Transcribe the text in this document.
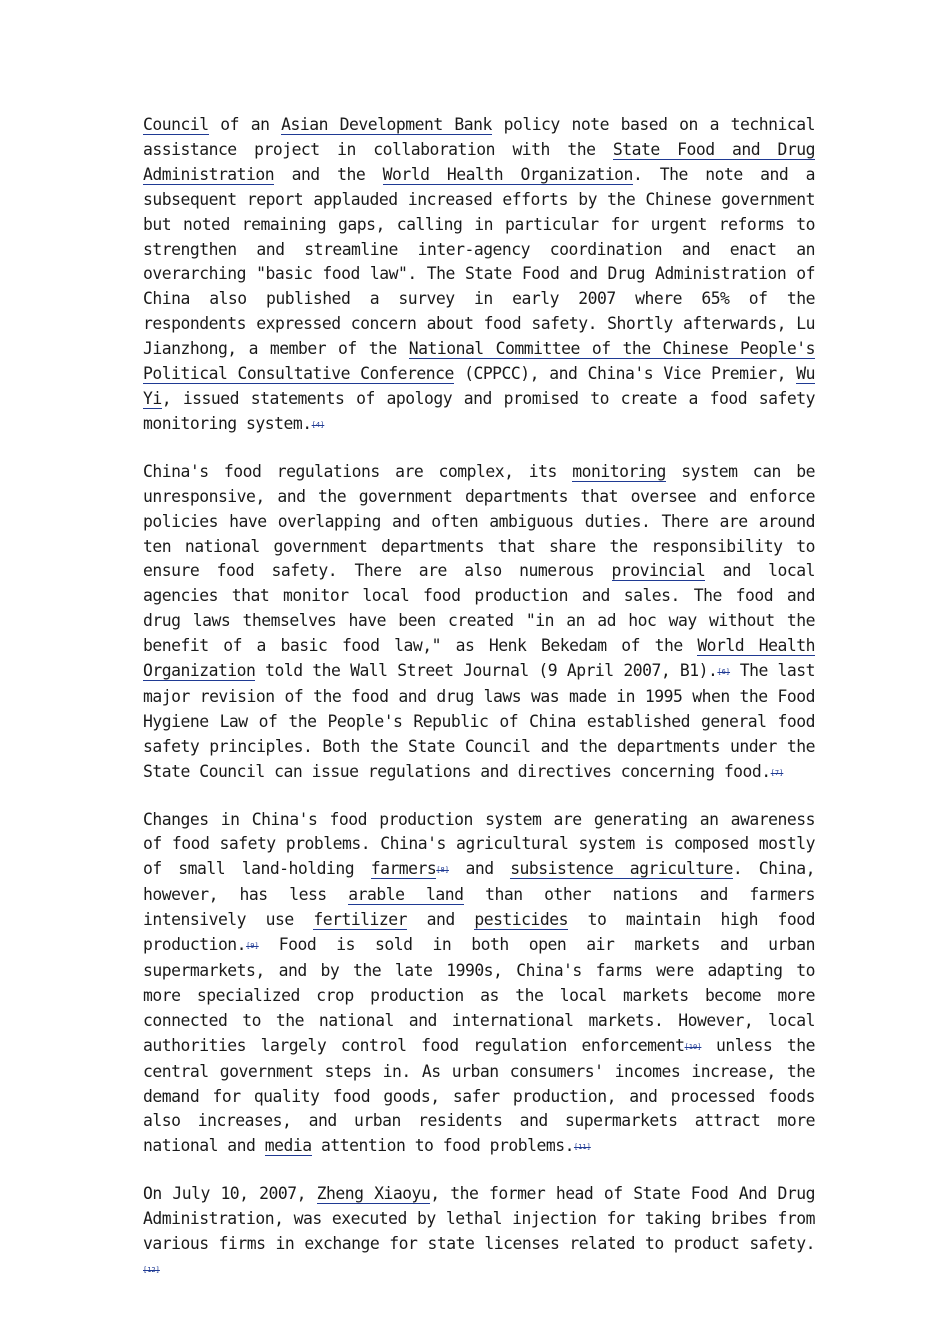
Council of an Asian Development Bank policy note based on a technical assistance project in collaboration with the State Food and Drug Administration and the World Health Organization. The note and a subsequent report applauded increased efforts by the Chinese government but noted remaining gaps, calling in particular for urgent reforms to strengthen and streamline inter-agency coordination and enact an overarching "basic food law". The State Food and Drug Administration of China also published a survey in early 2007 where 65% of the respondents expressed concern about food safety. Shortly afterwards, Lu Jianzhong, a member of the National Committee of the Chinese People's Political Consultative Conference (CPPCC), and China's Vice Premier, Wu Yi, issued statements of apology and promised to create a food safety monitoring system.[4]

China's food regulations are complex, its monitoring system can be unresponsive, and the government departments that oversee and enforce policies have overlapping and often ambiguous duties. There are around ten national government departments that share the responsibility to ensure food safety. There are also numerous provincial and local agencies that monitor local food production and sales. The food and drug laws themselves have been created "in an ad hoc way without the benefit of a basic food law," as Henk Bekedam of the World Health Organization told the Wall Street Journal (9 April 2007, B1).[6] The last major revision of the food and drug laws was made in 1995 when the Food Hygiene Law of the People's Republic of China established general food safety principles. Both the State Council and the departments under the State Council can issue regulations and directives concerning food.[7]

Changes in China's food production system are generating an awareness of food safety problems. China's agricultural system is composed mostly of small land-holding farmers[8] and subsistence agriculture. China, however, has less arable land than other nations and farmers intensively use fertilizer and pesticides to maintain high food production.[9] Food is sold in both open air markets and urban supermarkets, and by the late 1990s, China's farms were adapting to more specialized crop production as the local markets become more connected to the national and international markets. However, local authorities largely control food regulation enforcement[10] unless the central government steps in. As urban consumers' incomes increase, the demand for quality food goods, safer production, and processed foods also increases, and urban residents and supermarkets attract more national and media attention to food problems.[11]

On July 10, 2007, Zheng Xiaoyu, the former head of State Food And Drug Administration, was executed by lethal injection for taking bribes from various firms in exchange for state licenses related to product safety.[12]
